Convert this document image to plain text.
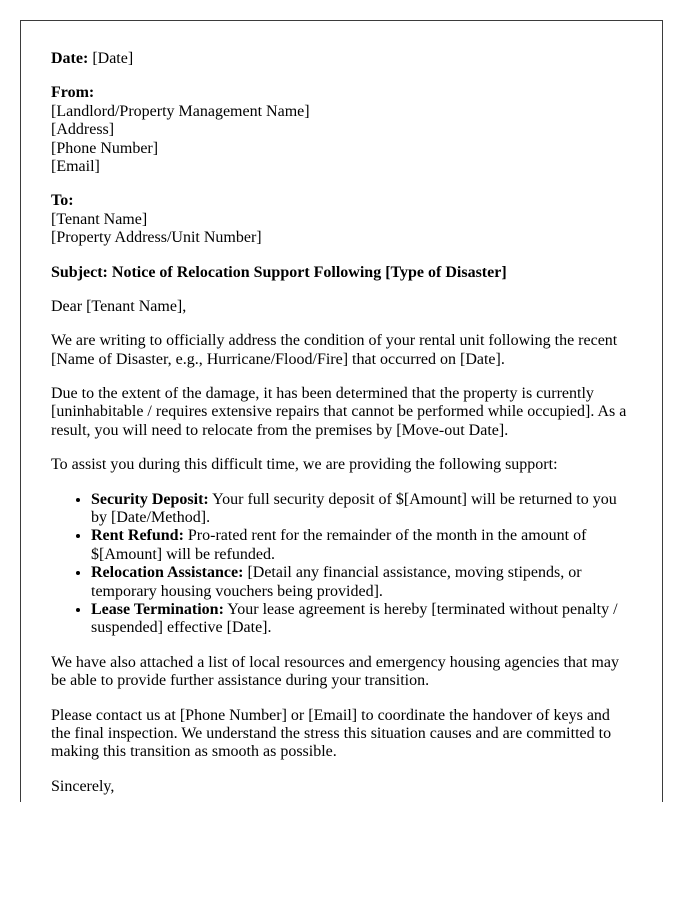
Date: [Date]

From:
[Landlord/Property Management Name]
[Address]
[Phone Number]
[Email]

To:
[Tenant Name]
[Property Address/Unit Number]

Subject: Notice of Relocation Support Following [Type of Disaster]

Dear [Tenant Name],

We are writing to officially address the condition of your rental unit following the recent [Name of Disaster, e.g., Hurricane/Flood/Fire] that occurred on [Date].

Due to the extent of the damage, it has been determined that the property is currently [uninhabitable / requires extensive repairs that cannot be performed while occupied]. As a result, you will need to relocate from the premises by [Move-out Date].

To assist you during this difficult time, we are providing the following support:

• Security Deposit: Your full security deposit of $[Amount] will be returned to you by [Date/Method].
• Rent Refund: Pro-rated rent for the remainder of the month in the amount of $[Amount] will be refunded.
• Relocation Assistance: [Detail any financial assistance, moving stipends, or temporary housing vouchers being provided].
• Lease Termination: Your lease agreement is hereby [terminated without penalty / suspended] effective [Date].

We have also attached a list of local resources and emergency housing agencies that may be able to provide further assistance during your transition.

Please contact us at [Phone Number] or [Email] to coordinate the handover of keys and the final inspection. We understand the stress this situation causes and are committed to making this transition as smooth as possible.

Sincerely,
